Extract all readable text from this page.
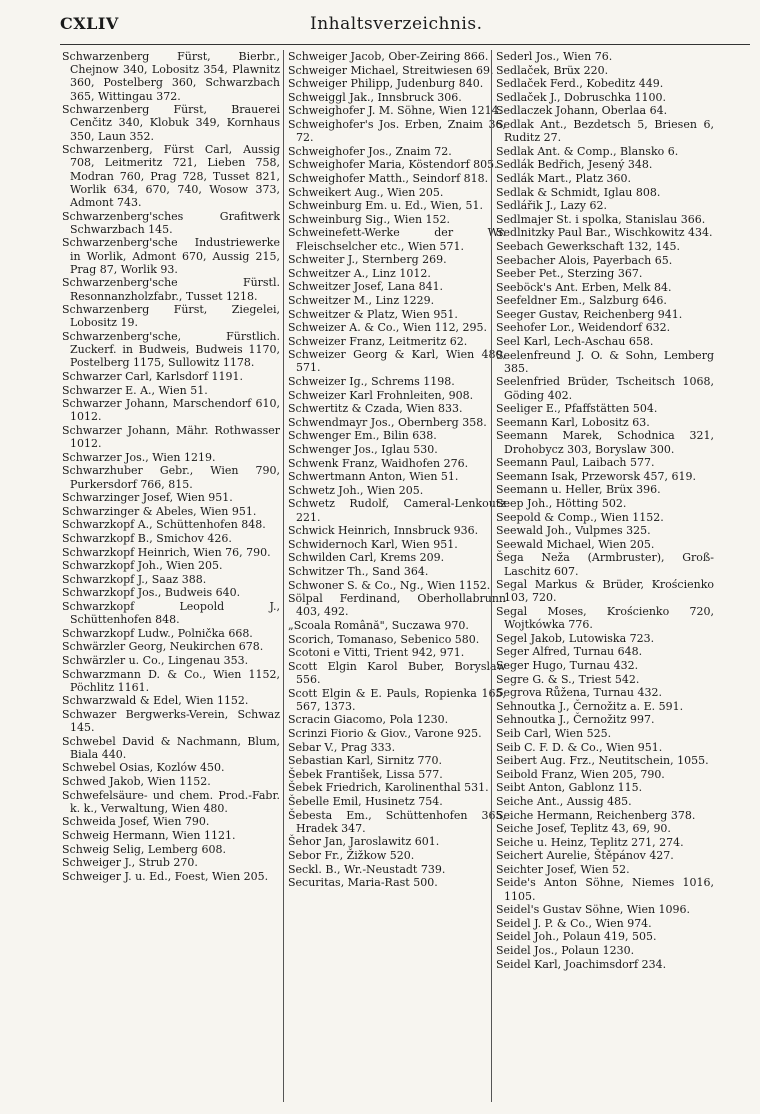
CXLIV	Inhaltsverzeichnis.
Schwarzenberg Fürst, Bierbr., Chejnow 340, Lobositz 354, Plawnitz 360, Postelberg 360, Schwarzbach 365, Wittingau 372.
Schwarzenberg Fürst, Brauerei Cenčitz 340, Klobuk 349, Kornhaus 350, Laun 352.
Schwarzenberg, Fürst Carl, Aussig 708, Leitmeritz 721, Lieben 758, Modran 760, Prag 728, Tusset 821, Worlik 634, 670, 740, Wosow 373, Admont 743.
Schwarzenberg'sches Grafitwerk Schwarzbach 145.
Schwarzenberg'sche Industriewerke in Worlik, Admont 670, Aussig 215, Prag 87, Worlik 93.
Schwarzenberg'sche Fürstl. Resonnanzholzfabr., Tusset 1218.
Schwarzenberg Fürst, Ziegelei, Lobositz 19.
Schwarzenberg'sche, Fürstlich. Zuckerf. in Budweis, Budweis 1170, Postelberg 1175, Sullowitz 1178.
Schwarzer Carl, Karlsdorf 1191.
Schwarzer E. A., Wien 51.
Schwarzer Johann, Marschendorf 610, 1012.
Schwarzer Johann, Mähr. Rothwasser 1012.
Schwarzer Jos., Wien 1219.
Schwarzhuber Gebr., Wien 790, Purkersdorf 766, 815.
Schwarzinger Josef, Wien 951.
Schwarzinger & Abeles, Wien 951.
Schwarzkopf A., Schüttenhofen 848.
Schwarzkopf B., Smichov 426.
Schwarzkopf Heinrich, Wien 76, 790.
Schwarzkopf Joh., Wien 205.
Schwarzkopf J., Saaz 388.
Schwarzkopf Jos., Budweis 640.
Schwarzkopf Leopold J., Schüttenhofen 848.
Schwarzkopf Ludw., Polnička 668.
Schwärzler Georg, Neukirchen 678.
Schwärzler u. Co., Lingenau 353.
Schwarzmann D. & Co., Wien 1152, Pöchlitz 1161.
Schwarzwald & Edel, Wien 1152.
Schwazer Bergwerks-Verein, Schwaz 145.
Schwebel David & Nachmann, Blum, Biala 440.
Schwebel Osias, Kozlów 450.
Schwed Jakob, Wien 1152.
Schwefelsäure- und chem. Prod.-Fabr. k. k., Verwaltung, Wien 480.
Schweida Josef, Wien 790.
Schweig Hermann, Wien 1121.
Schweig Selig, Lemberg 608.
Schweiger J., Strub 270.
Schweiger J. u. Ed., Foest, Wien 205.
Schweiger Jacob, Ober-Zeiring 866.
Schweiger Michael, Streitwiesen 69.
Schweiger Philipp, Judenburg 840.
Schweiggl Jak., Innsbruck 306.
Schweighofer J. M. Söhne, Wien 1214.
Schweighofer's Jos. Erben, Znaim 36, 72.
Schweighofer Jos., Znaim 72.
Schweighofer Maria, Köstendorf 805.
Schweighofer Matth., Seindorf 818.
Schweikert Aug., Wien 205.
Schweinburg Em. u. Ed., Wien, 51.
Schweinburg Sig., Wien 152.
Schweinefett-Werke der Wr. Fleischselcher etc., Wien 571.
Schweiter J., Sternberg 269.
Schweitzer A., Linz 1012.
Schweitzer Josef, Lana 841.
Schweitzer M., Linz 1229.
Schweitzer & Platz, Wien 951.
Schweizer A. & Co., Wien 112, 295.
Schweizer Franz, Leitmeritz 62.
Schweizer Georg & Karl, Wien 480, 571.
Schweizer Ig., Schrems 1198.
Schweizer Karl Frohnleiten, 908.
Schwertitz & Czada, Wien 833.
Schwendmayr Jos., Obernberg 358.
Schwenger Em., Bilin 638.
Schwenger Jos., Iglau 530.
Schwenk Franz, Waidhofen 276.
Schwertmann Anton, Wien 51.
Schwetz Joh., Wien 205.
Schwetz Rudolf, Cameral-Lenkoutz 221.
Schwick Heinrich, Innsbruck 936.
Schwidernoch Karl, Wien 951.
Schwilden Carl, Krems 209.
Schwitzer Th., Sand 364.
Schwoner S. & Co., Ng., Wien 1152.
Sölpal Ferdinand, Oberhollabrunn 403, 492.
„Scoala Română", Suczawa 970.
Scorich, Tomanaso, Sebenico 580.
Scotoni e Vitti, Trient 942, 971.
Scott Elgin Karol Buber, Boryslaw 556.
Scott Elgin & E. Pauls, Ropienka 165, 567, 1373.
Scracin Giacomo, Pola 1230.
Scrinzi Fiorio & Giov., Varone 925.
Sebar V., Prag 333.
Sebastian Karl, Sirnitz 770.
Šebek František, Lissa 577.
Šebek Friedrich, Karolinenthal 531.
Šebelle Emil, Husinetz 754.
Šebesta Em., Schüttenhofen 365, Hradek 347.
Šehor Jan, Jaroslawitz 601.
Sebor Fr., Žižkow 520.
Seckl. B., Wr.-Neustadt 739.
Securitas, Maria-Rast 500.
Sederl Jos., Wien 76.
Sedlaček, Brüx 220.
Sedlaček Ferd., Kobeditz 449.
Sedlaček J., Dobruschka 1100.
Sedlaczek Johann, Oberlaa 64.
Sedlak Ant., Bezdetsch 5, Briesen 6, Ruditz 27.
Sedlak Ant. & Comp., Blansko 6.
Sedlák Bedřich, Jesený 348.
Sedlák Mart., Platz 360.
Sedlak & Schmidt, Iglau 808.
Sedlářik J., Lazy 62.
Sedlmajer St. i spolka, Stanislau 366.
Sedlnitzky Paul Bar., Wischkowitz 434.
Seebach Gewerkschaft 132, 145.
Seebacher Alois, Payerbach 65.
Seeber Pet., Sterzing 367.
Seeböck's Ant. Erben, Melk 84.
Seefeldner Em., Salzburg 646.
Seeger Gustav, Reichenberg 941.
Seehofer Lor., Weidendorf 632.
Seel Karl, Lech-Aschau 658.
Seelenfreund J. O. & Sohn, Lemberg 385.
Seelenfried Brüder, Tscheitsch 1068, Göding 402.
Seeliger E., Pfaffstätten 504.
Seemann Karl, Lobositz 63.
Seemann Marek, Schodnica 321, Drohobycz 303, Boryslaw 300.
Seemann Paul, Laibach 577.
Seemann Isak, Przeworsk 457, 619.
Seemann u. Heller, Brüx 396.
Seep Joh., Hötting 502.
Seepold & Comp., Wien 1152.
Seewald Joh., Vulpmes 325.
Seewald Michael, Wien 205.
Šega Neža (Armbruster), Groß-Laschitz 607.
Segal Markus & Brüder, Krościenko 103, 720.
Segal Moses, Krościenko 720, Wojtkówka 776.
Segel Jakob, Lutowiska 723.
Seger Alfred, Turnau 648.
Seger Hugo, Turnau 432.
Segre G. & S., Triest 542.
Segrova Růžena, Turnau 432.
Sehnoutka J., Černožitz a. E. 591.
Sehnoutka J., Černožitz 997.
Seib Carl, Wien 525.
Seib C. F. D. & Co., Wien 951.
Seibert Aug. Frz., Neutitschein, 1055.
Seibold Franz, Wien 205, 790.
Seibt Anton, Gablonz 115.
Seiche Ant., Aussig 485.
Seiche Hermann, Reichenberg 378.
Seiche Josef, Teplitz 43, 69, 90.
Seiche u. Heinz, Teplitz 271, 274.
Seichert Aurelie, Štěpánov 427.
Seichter Josef, Wien 52.
Seide's Anton Söhne, Niemes 1016, 1105.
Seidel's Gustav Söhne, Wien 1096.
Seidel J. P. & Co., Wien 974.
Seidel Joh., Polaun 419, 505.
Seidel Jos., Polaun 1230.
Seidel Karl, Joachimsdorf 234.
